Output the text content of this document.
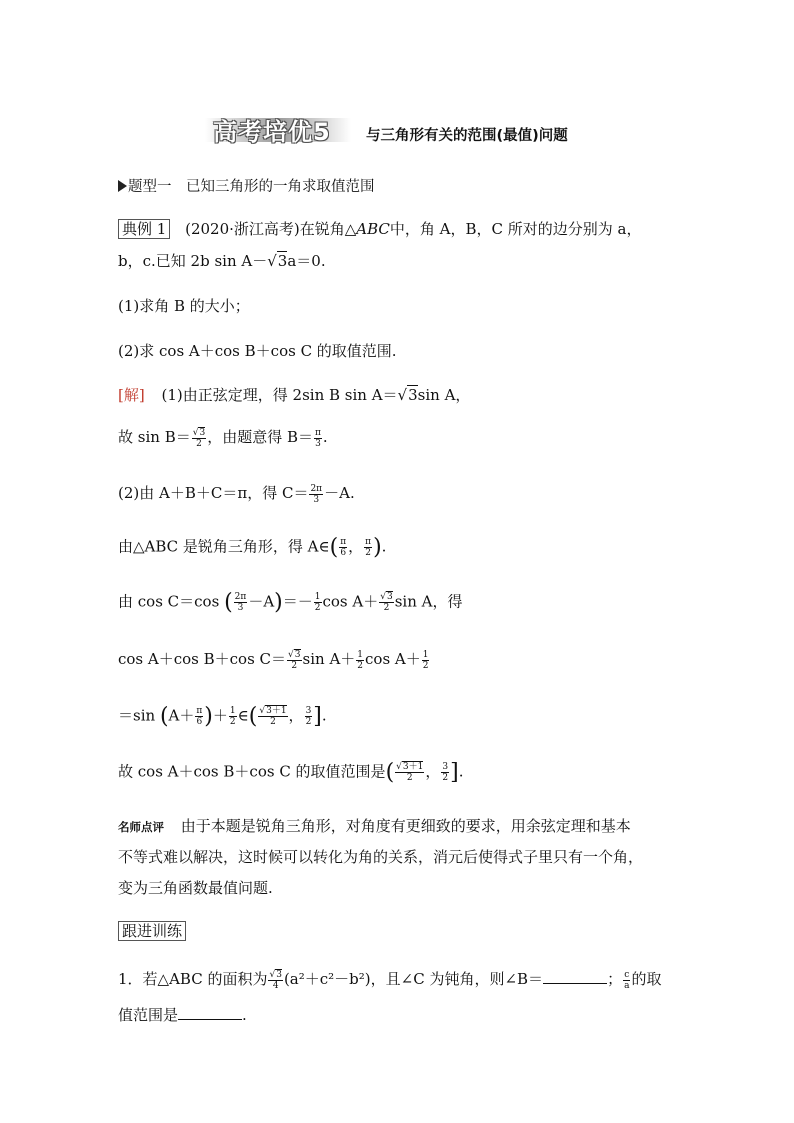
高考培优5 与三角形有关的范围(最值)问题
题型一　已知三角形的一角求取值范围
典例 1 (2020·浙江高考)在锐角△ABC中，角 A，B，C 所对的边分别为 a，
b，c.已知 2b sin A－√3a＝0.
(1)求角 B 的大小；
(2)求 cos A＋cos B＋cos C 的取值范围.
[解] (1)由正弦定理，得 2sin B sin A＝√3sin A，
故 $\sin B= \frac{√3}{2}$ ，由题意得 $B= \frac{\pi}{3}$ .
(2)由 A＋B＋C＝π，得 $C= \frac{2\pi}{3} -A$.
由△ABC 是锐角三角形，得 A∈( $\frac{\pi}{6}$ ， $\frac{\pi}{2}$ ).
由 cos C＝cos ( $\frac{2\pi}{3} -A)=- \frac{1}{2}$ $\cos A+ \frac{√3}{2}$ sin A，得
cos A＋cos B＋cos $C= \frac{√3}{2}$ $\sin A+ \frac{1}{2}$ $\cos A+ \frac{1}{2}$
＝sin ($A+ \frac{\pi}{6}$ )＋ $\frac{1}{2}$ ∈( $\frac{√3+1}{2}$ ， $\frac{3}{2}$ ].
故 cos A＋cos B＋cos C 的取值范围是( $\frac{√3+1}{2}$ ， $\frac{3}{2}$ ].
名师点评 由于本题是锐角三角形，对角度有更细致的要求，用余弦定理和基本
不等式难以解决，这时候可以转化为角的关系，消元后使得式子里只有一个角，
变为三角函数最值问题.
跟进训练
1．若△ABC 的面积为 $\frac{√3}{4} (a^2+c^2-b^2)$，且∠C 为钝角，则∠B＝	； $\frac{c}{a}$ 的取
值范围是	.
